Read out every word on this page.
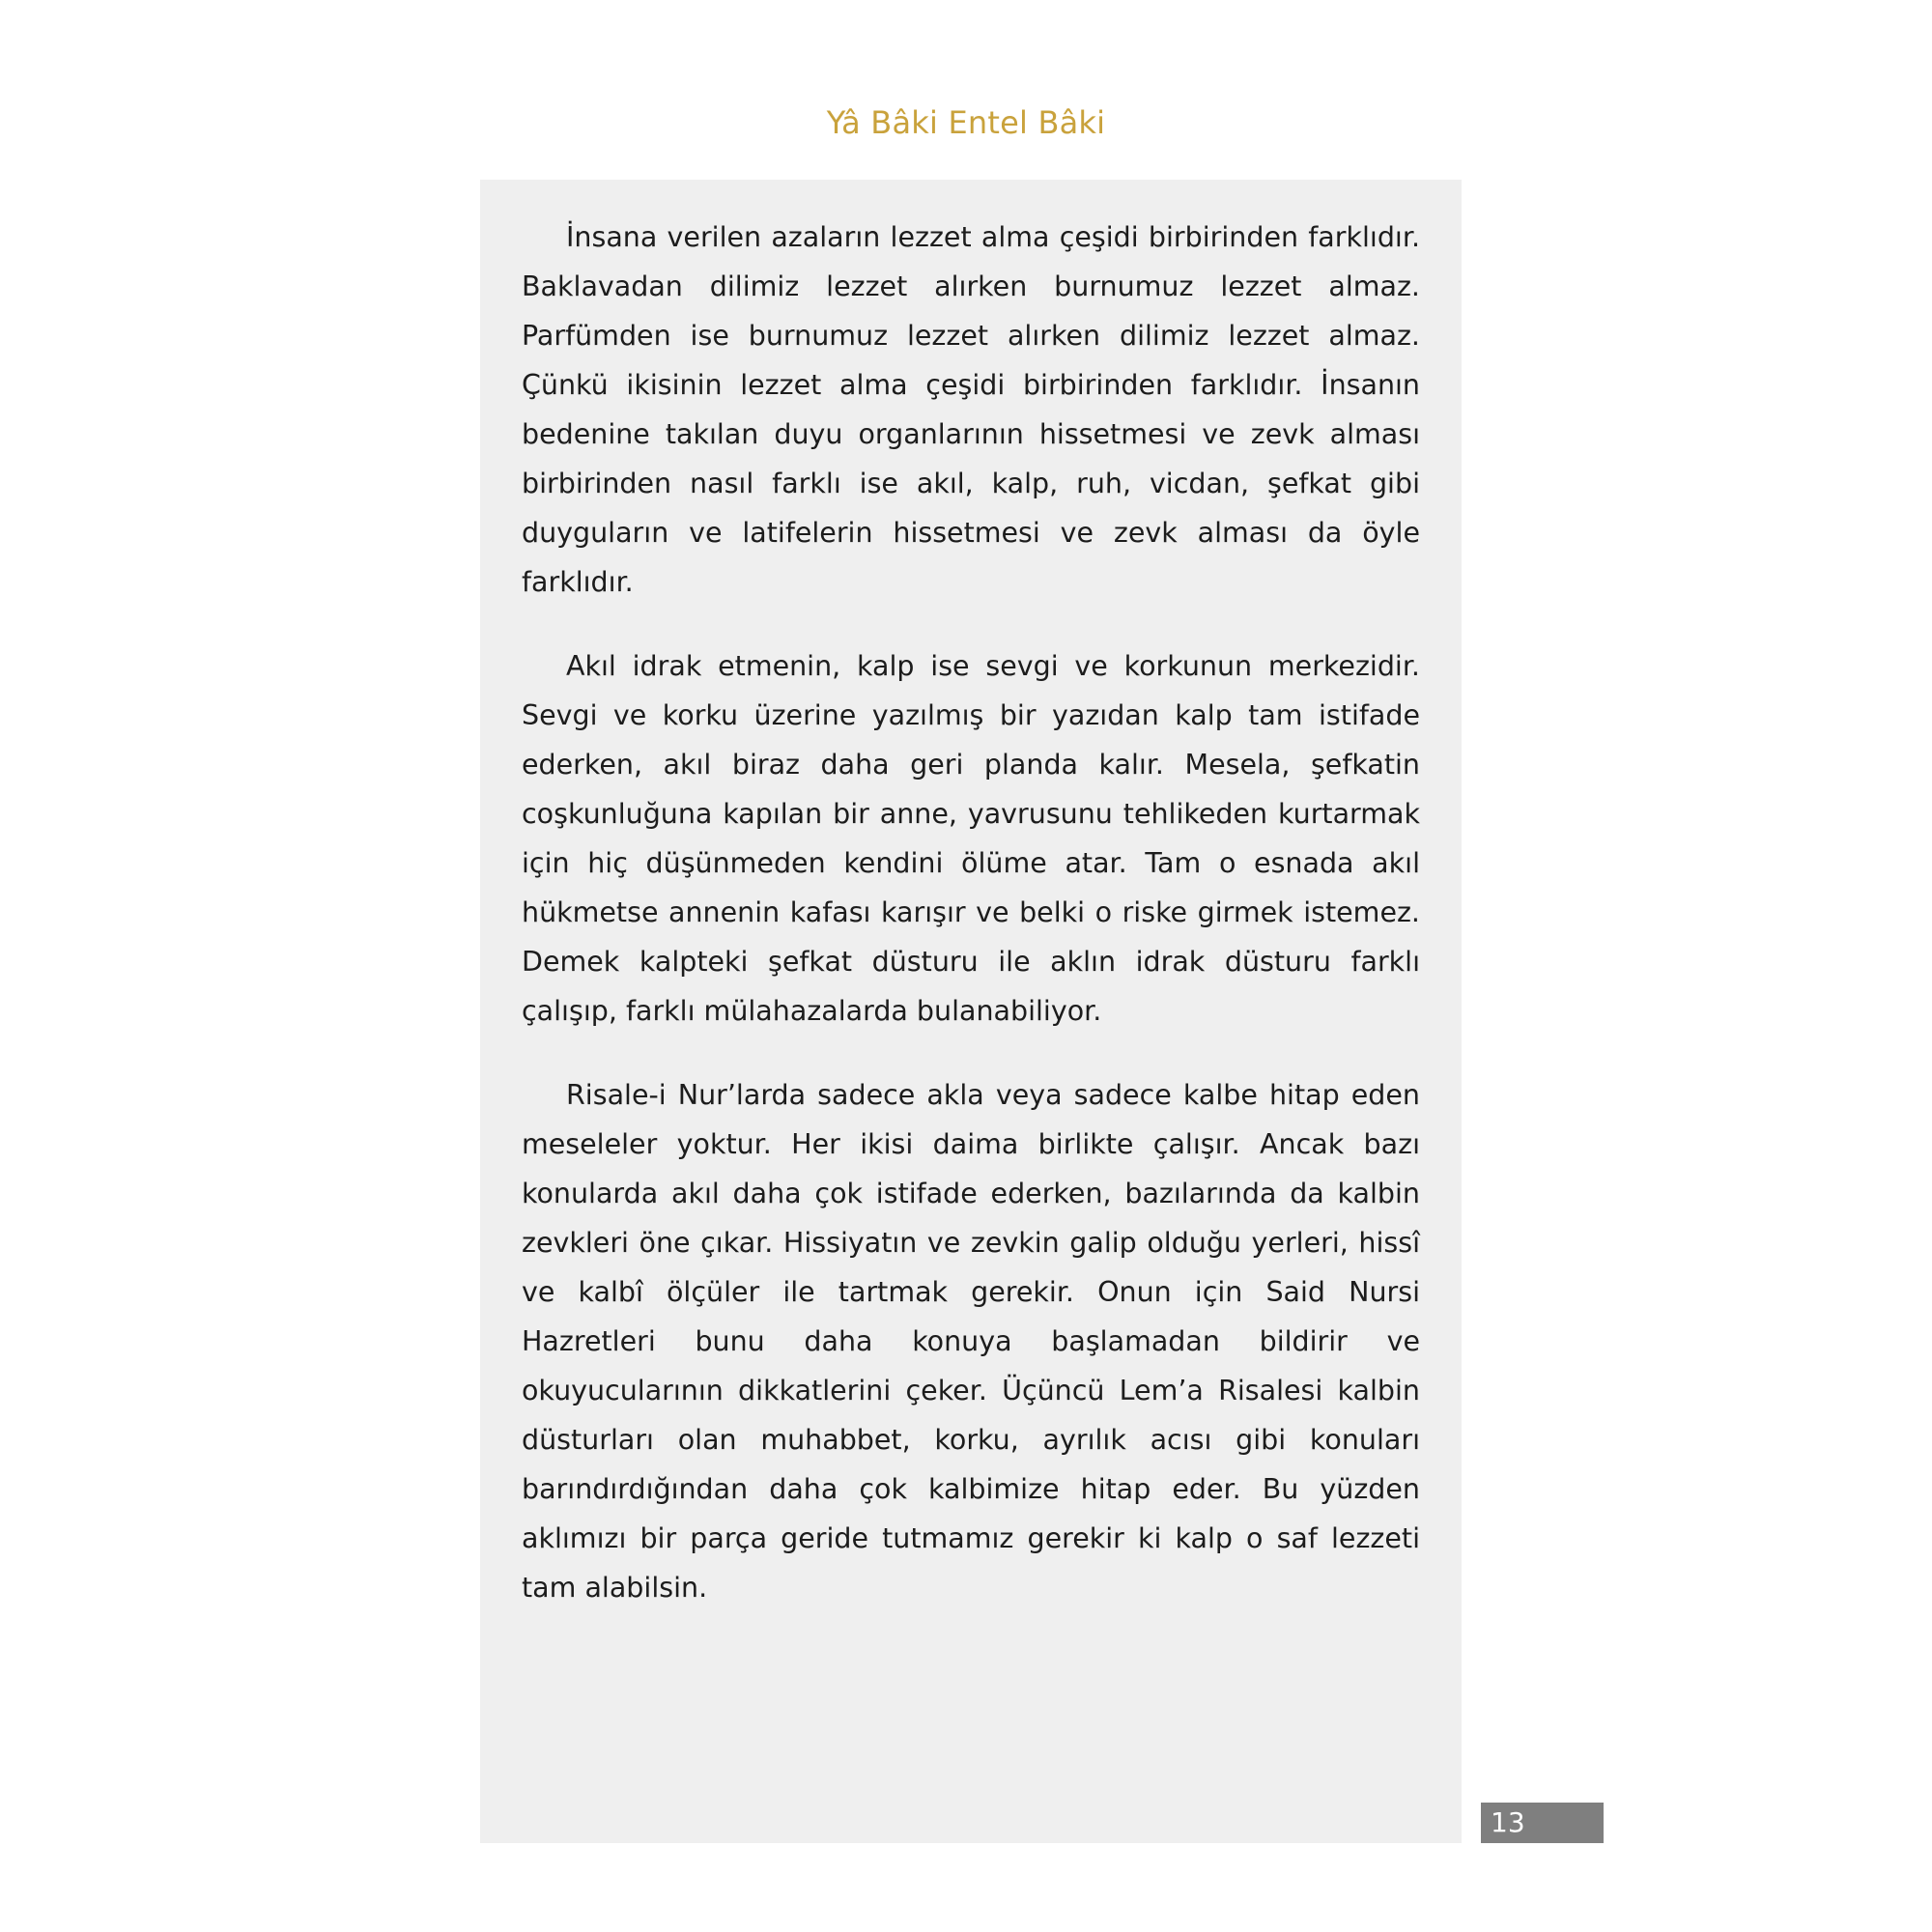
Yâ Bâki Entel Bâki

İnsana verilen azaların lezzet alma çeşidi birbirinden farklıdır. Baklavadan dilimiz lezzet alırken burnumuz lezzet almaz. Parfümden ise burnumuz lezzet alırken dilimiz lezzet almaz. Çünkü ikisinin lezzet alma çeşidi birbirinden farklıdır. İnsanın bedenine takılan duyu organlarının hissetmesi ve zevk alması birbirinden nasıl farklı ise akıl, kalp, ruh, vicdan, şefkat gibi duyguların ve latifelerin hissetmesi ve zevk alması da öyle farklıdır.

Akıl idrak etmenin, kalp ise sevgi ve korkunun merkezidir. Sevgi ve korku üzerine yazılmış bir yazıdan kalp tam istifade ederken, akıl biraz daha geri planda kalır. Mesela, şefkatin coşkunluğuna kapılan bir anne, yavrusunu tehlikeden kurtarmak için hiç düşünmeden kendini ölüme atar. Tam o esnada akıl hükmetse annenin kafası karışır ve belki o riske girmek istemez. Demek kalpteki şefkat düsturu ile aklın idrak düsturu farklı çalışıp, farklı mülahazalarda bulanabiliyor.

Risale-i Nur’larda sadece akla veya sadece kalbe hitap eden meseleler yoktur. Her ikisi daima birlikte çalışır. Ancak bazı konularda akıl daha çok istifade ederken, bazılarında da kalbin zevkleri öne çıkar. Hissiyatın ve zevkin galip olduğu yerleri, hissî ve kalbî ölçüler ile tartmak gerekir. Onun için Said Nursi Hazretleri bunu daha konuya başlamadan bildirir ve okuyucularının dikkatlerini çeker. Üçüncü Lem’a Risalesi kalbin düsturları olan muhabbet, korku, ayrılık acısı gibi konuları barındırdığından daha çok kalbimize hitap eder. Bu yüzden aklımızı bir parça geride tutmamız gerekir ki kalp o saf lezzeti tam alabilsin.

13
